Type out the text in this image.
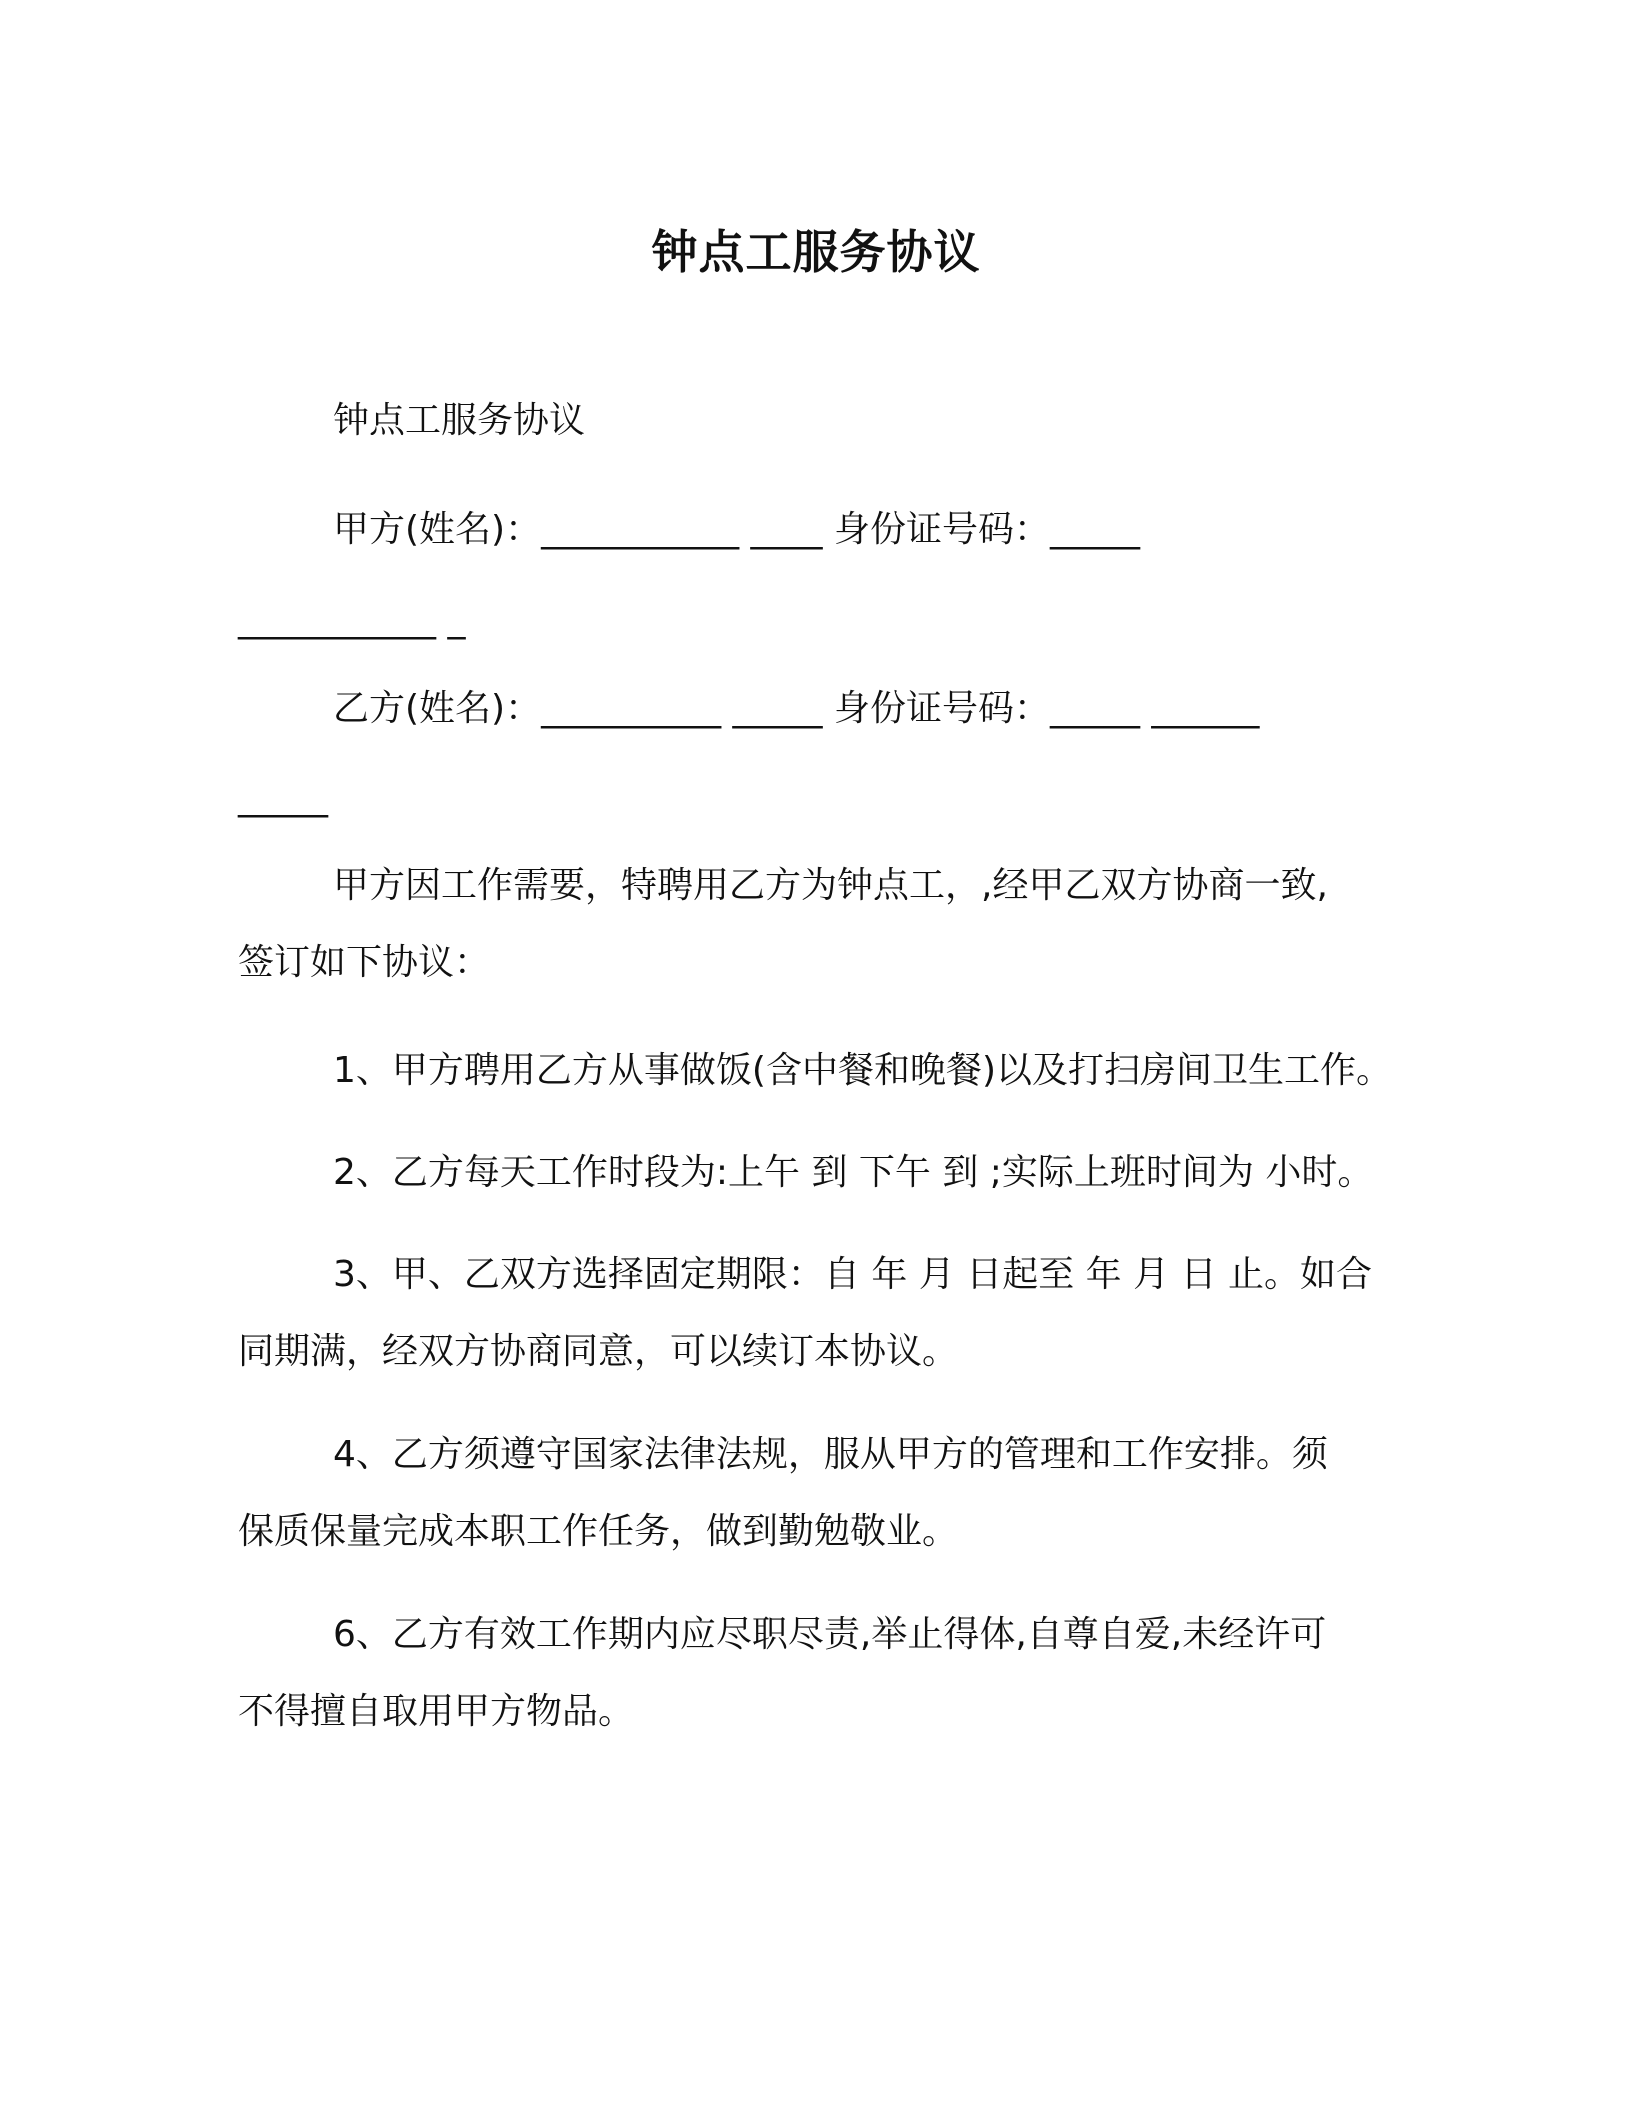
钟点工服务协议
钟点工服务协议
甲方(姓名)：___________ ____ 身份证号码：_____
___________ _
乙方(姓名)：__________ _____ 身份证号码：_____ ______
_____
甲方因工作需要，特聘用乙方为钟点工，,经甲乙双方协商一致,
签订如下协议：
1、甲方聘用乙方从事做饭(含中餐和晚餐)以及打扫房间卫生工作。
2、乙方每天工作时段为:上午 到 下午 到 ;实际上班时间为 小时。
3、甲、乙双方选择固定期限：自 年 月 日起至 年 月 日 止。如合
同期满，经双方协商同意，可以续订本协议。
4、乙方须遵守国家法律法规，服从甲方的管理和工作安排。须
保质保量完成本职工作任务，做到勤勉敬业。
6、乙方有效工作期内应尽职尽责,举止得体,自尊自爱,未经许可
不得擅自取用甲方物品。
